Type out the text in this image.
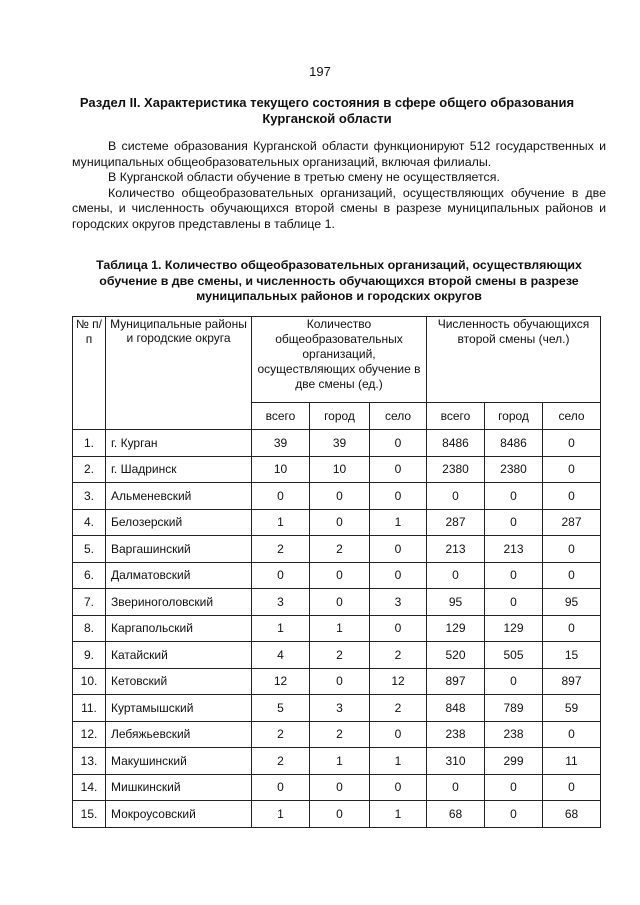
197
Раздел II. Характеристика текущего состояния в сфере общего образования Курганской области

В системе образования Курганской области функционируют 512 государственных и муниципальных общеобразовательных организаций, включая филиалы.

В Курганской области обучение в третью смену не осуществляется.

Количество общеобразовательных организаций, осуществляющих обучение в две смены, и численность обучающихся второй смены в разрезе муниципальных районов и городских округов представлены в таблице 1.

Таблица 1. Количество общеобразовательных организаций, осуществляющих обучение в две смены, и численность обучающихся второй смены в разрезе муниципальных районов и городских округов
№ п/п	Муниципальные районы и городские округа	Количество общеобразовательных организаций, осуществляющих обучение в две смены (ед.)			Численность обучающихся второй смены (чел.)		
		всего	город	село	всего	город	село
1.	г. Курган	39	39	0	8486	8486	0
2.	г. Шадринск	10	10	0	2380	2380	0
3.	Альменевский	0	0	0	0	0	0
4.	Белозерский	1	0	1	287	0	287
5.	Варгашинский	2	2	0	213	213	0
6.	Далматовский	0	0	0	0	0	0
7.	Звериноголовский	3	0	3	95	0	95
8.	Каргапольский	1	1	0	129	129	0
9.	Катайский	4	2	2	520	505	15
10.	Кетовский	12	0	12	897	0	897
11.	Куртамышский	5	3	2	848	789	59
12.	Лебяжьевский	2	2	0	238	238	0
13.	Макушинский	2	1	1	310	299	11
14.	Мишкинский	0	0	0	0	0	0
15.	Мокроусовский	1	0	1	68	0	68
